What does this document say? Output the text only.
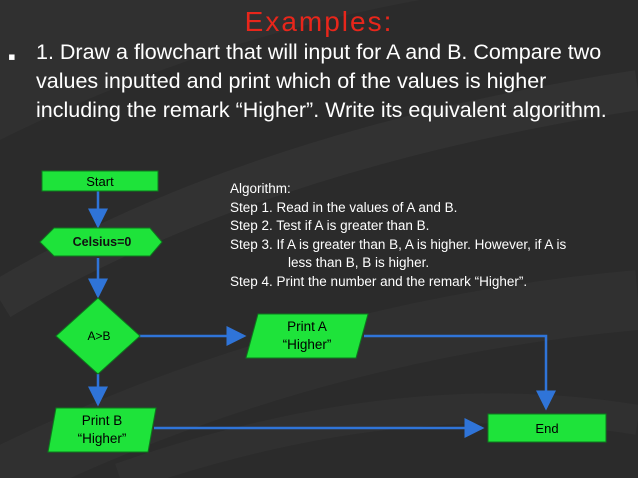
Examples:
▪ 1. Draw a flowchart that will input for A and B. Compare two values inputted and print which of the values is higher including the remark “Higher”. Write its equivalent algorithm.
Start
Celsius=0
A>B
Print A
“Higher”
Print B
“Higher”
End
Algorithm:
Step 1. Read in the values of A and B.
Step 2. Test if A is greater than B.
Step 3. If A is greater than B, A is higher. However, if A is
less than B, B is higher.
Step 4. Print the number and the remark “Higher”.
